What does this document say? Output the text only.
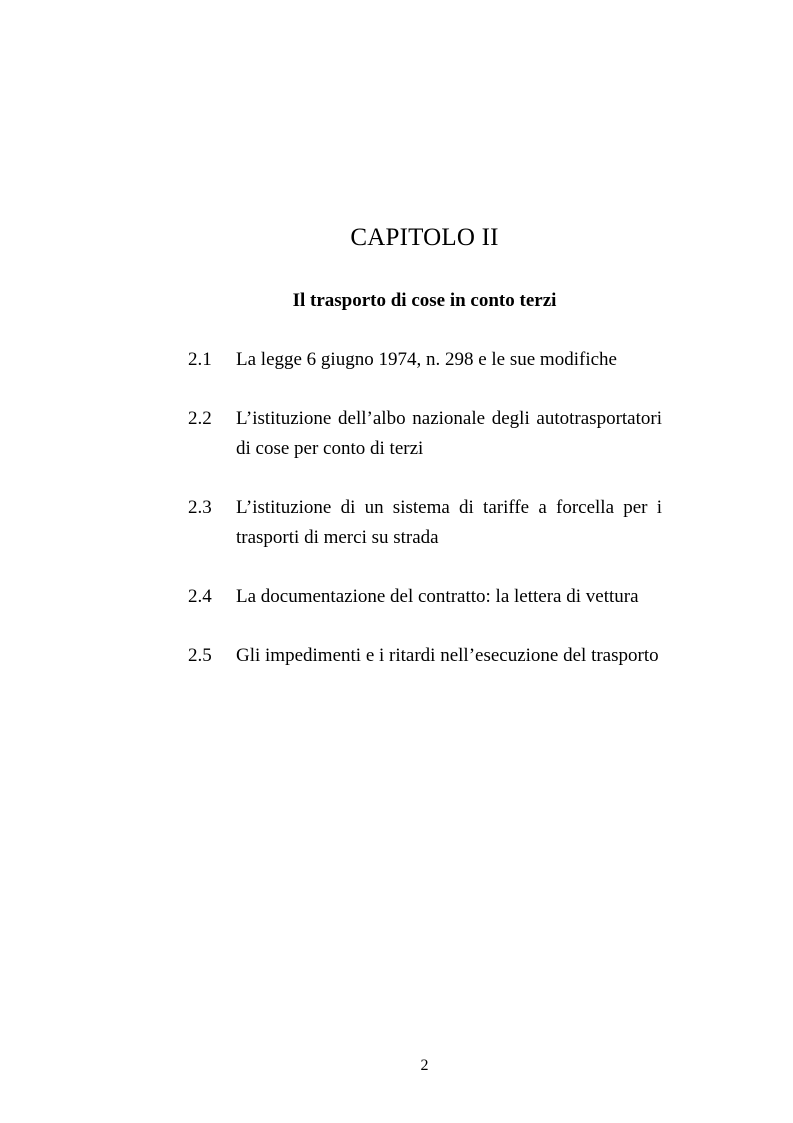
CAPITOLO II
Il trasporto di cose in conto terzi
2.1	La legge 6 giugno 1974, n. 298 e le sue modifiche
2.2	L’istituzione dell’albo nazionale degli autotrasportatori di cose per conto di terzi
2.3	L’istituzione di un sistema di tariffe a forcella per i trasporti di merci su strada
2.4	La documentazione del contratto: la lettera di vettura
2.5	Gli impedimenti e i ritardi nell’esecuzione del trasporto
2
